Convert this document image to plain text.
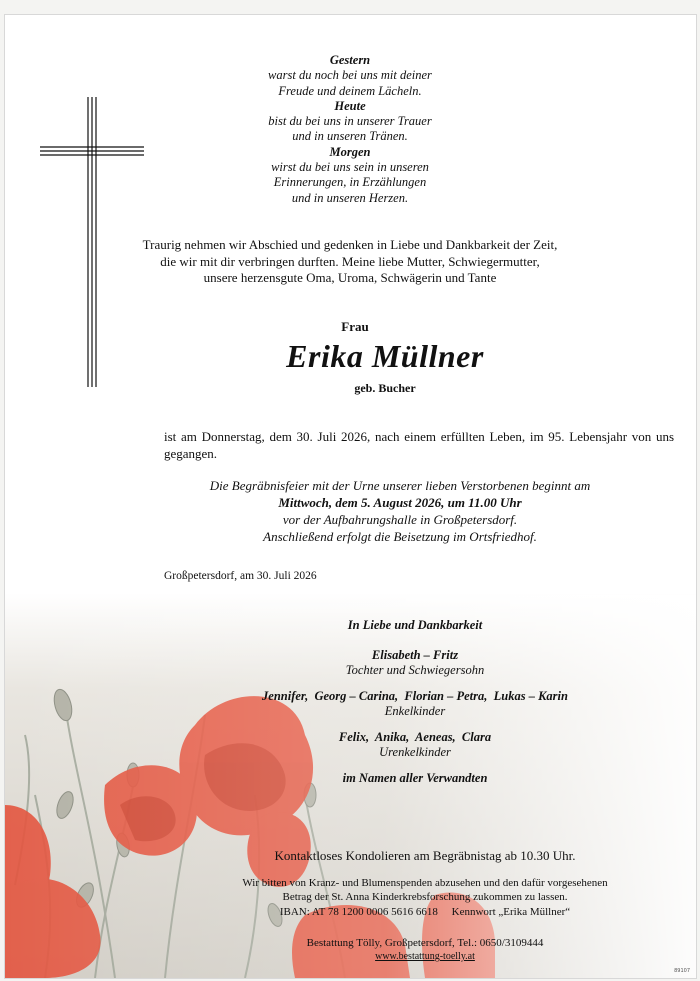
Gestern
warst du noch bei uns mit deiner
Freude und deinem Lächeln.
Heute
bist du bei uns in unserer Trauer
und in unseren Tränen.
Morgen
wirst du bei uns sein in unseren
Erinnerungen, in Erzählungen
und in unseren Herzen.
Traurig nehmen wir Abschied und gedenken in Liebe und Dankbarkeit der Zeit,
die wir mit dir verbringen durften. Meine liebe Mutter, Schwiegermutter,
unsere herzensgute Oma, Uroma, Schwägerin und Tante
Frau
Erika Müllner
geb. Bucher
ist am Donnerstag, dem 30. Juli 2026, nach einem erfüllten Leben, im 95. Lebensjahr von uns gegangen.
Die Begräbnisfeier mit der Urne unserer lieben Verstorbenen beginnt am
Mittwoch, dem 5. August 2026, um 11.00 Uhr
vor der Aufbahrungshalle in Großpetersdorf.
Anschließend erfolgt die Beisetzung im Ortsfriedhof.
Großpetersdorf, am 30. Juli 2026
In Liebe und Dankbarkeit
Elisabeth – Fritz
Tochter und Schwiegersohn
Jennifer,  Georg – Carina,  Florian – Petra,  Lukas – Karin
Enkelkinder
Felix,  Anika,  Aeneas,  Clara
Urenkelkinder
im Namen aller Verwandten
Kontaktloses Kondolieren am Begräbnistag ab 10.30 Uhr.
Wir bitten von Kranz- und Blumenspenden abzusehen und den dafür vorgesehenen
Betrag der St. Anna Kinderkrebsforschung zukommen zu lassen.
IBAN: AT 78 1200 0006 5616 6618     Kennwort „Erika Müllner“
Bestattung Tölly, Großpetersdorf, Tel.: 0650/3109444
www.bestattung-toelly.at
89107
